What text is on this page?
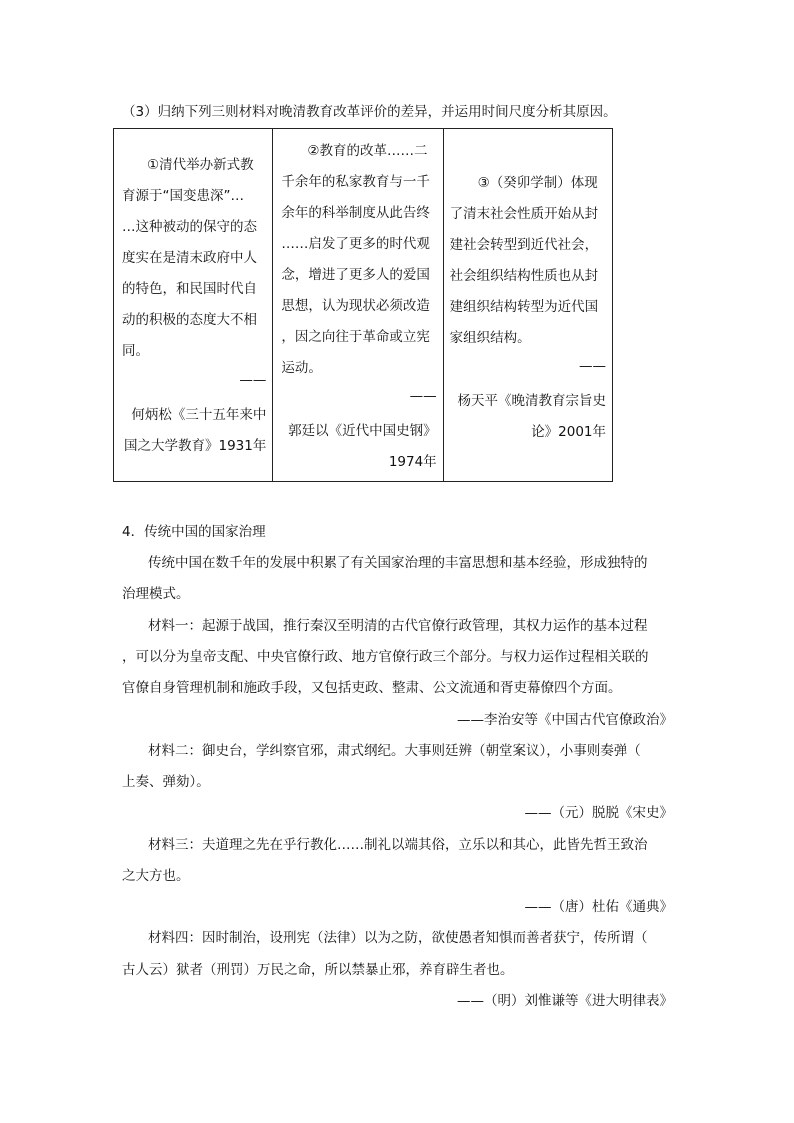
（3）归纳下列三则材料对晚清教育改革评价的差异，并运用时间尺度分析其原因。
①清代举办新式教
育源于“国变患深”…
…这种被动的保守的态
度实在是清末政府中人
的特色，和民国时代自
动的积极的态度大不相
同。
——
何炳松《三十五年来中
国之大学教育》1931年

②教育的改革……二
千余年的私家教育与一千
余年的科举制度从此告终
……启发了更多的时代观
念，增进了更多人的爱国
思想，认为现状必须改造
，因之向往于革命或立宪
运动。
——
郭廷以《近代中国史钢》
1974年

③（癸卯学制）体现
了清末社会性质开始从封
建社会转型到近代社会，
社会组织结构性质也从封
建组织结构转型为近代国
家组织结构。
——
杨天平《晚清教育宗旨史
论》2001年
4．传统中国的国家治理
传统中国在数千年的发展中积累了有关国家治理的丰富思想和基本经验，形成独特的
治理模式。
材料一：起源于战国，推行秦汉至明清的古代官僚行政管理，其权力运作的基本过程
，可以分为皇帝支配、中央官僚行政、地方官僚行政三个部分。与权力运作过程相关联的
官僚自身管理机制和施政手段，又包括吏政、整肃、公文流通和胥吏幕僚四个方面。
——李治安等《中国古代官僚政治》
材料二：御史台，学纠察官邪，肃式纲纪。大事则廷辨（朝堂案议），小事则奏弹（
上奏、弹劾）。
——（元）脱脱《宋史》
材料三：夫道理之先在乎行教化……制礼以端其俗，立乐以和其心，此皆先哲王致治
之大方也。
——（唐）杜佑《通典》
材料四：因时制治，设刑宪（法律）以为之防，欲使愚者知惧而善者获宁，传所谓（
古人云）狱者（刑罚）万民之命，所以禁暴止邪，养育辟生者也。
——（明）刘惟谦等《进大明律表》
